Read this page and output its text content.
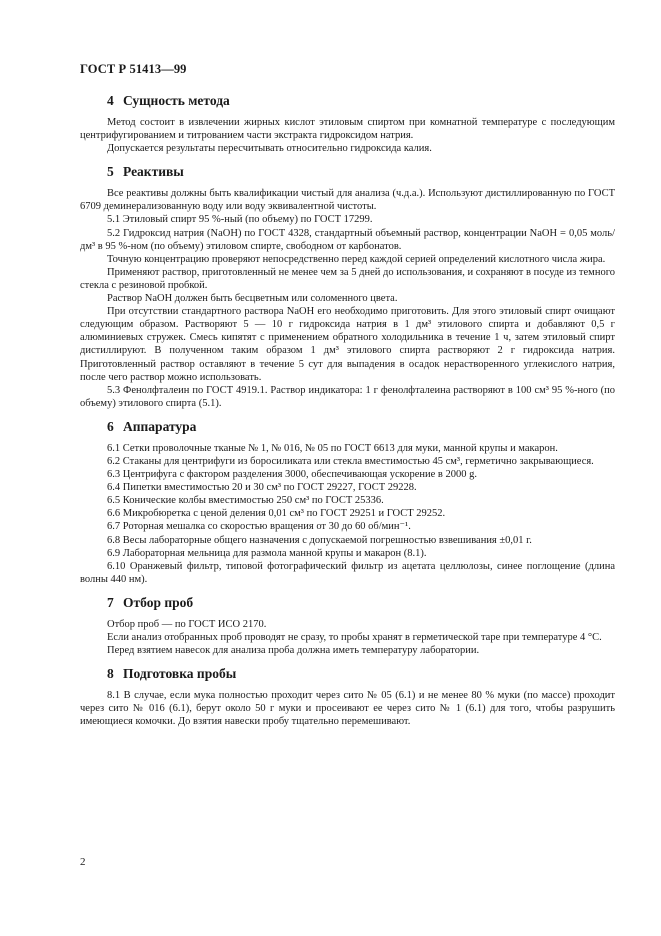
ГОСТ Р 51413—99
4 Сущность метода

Метод состоит в извлечении жирных кислот этиловым спиртом при комнатной температуре с последующим центрифугированием и титрованием части экстракта гидроксидом натрия.

Допускается результаты пересчитывать относительно гидроксида калия.

5 Реактивы

Все реактивы должны быть квалификации чистый для анализа (ч.д.а.). Используют дистиллированную по ГОСТ 6709 деминерализованную воду или воду эквивалентной чистоты.

5.1 Этиловый спирт 95 %-ный (по объему) по ГОСТ 17299.

5.2 Гидроксид натрия (NaOH) по ГОСТ 4328, стандартный объемный раствор, концентрации NaOH = 0,05 моль/дм³ в 95 %-ном (по объему) этиловом спирте, свободном от карбонатов.

Точную концентрацию проверяют непосредственно перед каждой серией определений кислотного числа жира.

Применяют раствор, приготовленный не менее чем за 5 дней до использования, и сохраняют в посуде из темного стекла с резиновой пробкой.

Раствор NaOH должен быть бесцветным или соломенного цвета.

При отсутствии стандартного раствора NaOH его необходимо приготовить. Для этого этиловый спирт очищают следующим образом. Растворяют 5 — 10 г гидроксида натрия в 1 дм³ этилового спирта и добавляют 0,5 г алюминиевых стружек. Смесь кипятят с применением обратного холодильника в течение 1 ч, затем этиловый спирт дистиллируют. В полученном таким образом 1 дм³ этилового спирта растворяют 2 г гидроксида натрия. Приготовленный раствор оставляют в течение 5 сут для выпадения в осадок нерастворенного углекислого натрия, после чего раствор можно использовать.

5.3 Фенолфталеин по ГОСТ 4919.1. Раствор индикатора: 1 г фенолфталеина растворяют в 100 см³ 95 %-ного (по объему) этилового спирта (5.1).

6 Аппаратура

6.1 Сетки проволочные тканые № 1, № 016, № 05 по ГОСТ 6613 для муки, манной крупы и макарон.

6.2 Стаканы для центрифуги из боросиликата или стекла вместимостью 45 см³, герметично закрывающиеся.

6.3 Центрифуга с фактором разделения 3000, обеспечивающая ускорение в 2000 g.

6.4 Пипетки вместимостью 20 и 30 см³ по ГОСТ 29227, ГОСТ 29228.

6.5 Конические колбы вместимостью 250 см³ по ГОСТ 25336.

6.6 Микробюретка с ценой деления 0,01 см³ по ГОСТ 29251 и ГОСТ 29252.

6.7 Роторная мешалка со скоростью вращения от 30 до 60 об/мин⁻¹.

6.8 Весы лабораторные общего назначения с допускаемой погрешностью взвешивания ±0,01 г.

6.9 Лабораторная мельница для размола манной крупы и макарон (8.1).

6.10 Оранжевый фильтр, типовой фотографический фильтр из ацетата целлюлозы, синее поглощение (длина волны 440 нм).

7 Отбор проб

Отбор проб — по ГОСТ ИСО 2170.

Если анализ отобранных проб проводят не сразу, то пробы хранят в герметической таре при температуре 4 °С.

Перед взятием навесок для анализа проба должна иметь температуру лаборатории.

8 Подготовка пробы

8.1 В случае, если мука полностью проходит через сито № 05 (6.1) и не менее 80 % муки (по массе) проходит через сито № 016 (6.1), берут около 50 г муки и просеивают ее через сито № 1 (6.1) для того, чтобы разрушить имеющиеся комочки. До взятия навески пробу тщательно перемешивают.

2
